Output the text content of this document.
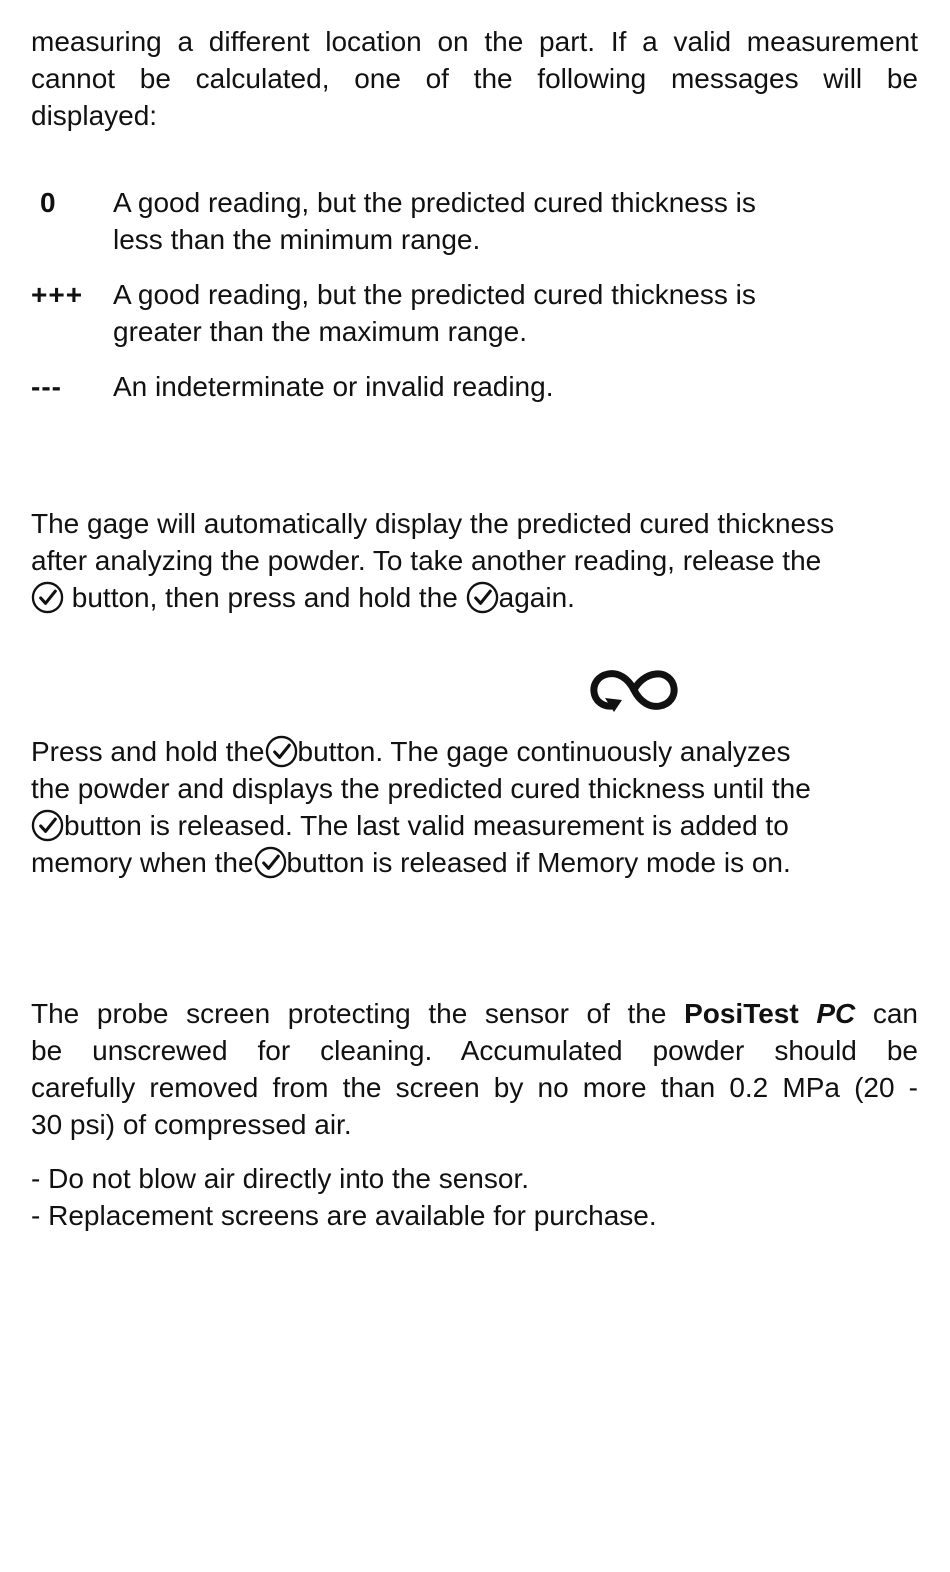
measuring a different location on the part. If a valid measurement
cannot be calculated, one of the following messages will be
displayed:
0	A good reading, but the predicted cured thickness is
less than the minimum range.
+++	A good reading, but the predicted cured thickness is
greater than the maximum range.
---	An indeterminate or invalid reading.
The gage will automatically display the predicted cured thickness
after analyzing the powder. To take another reading, release the
button, then press and hold the again.
Press and hold the button. The gage continuously analyzes
the powder and displays the predicted cured thickness until the
button is released. The last valid measurement is added to
memory when the button is released if Memory mode is on.
The probe screen protecting the sensor of the PosiTest PC can
be unscrewed for cleaning. Accumulated powder should be
carefully removed from the screen by no more than 0.2 MPa (20 -
30 psi) of compressed air.
- Do not blow air directly into the sensor.
- Replacement screens are available for purchase.
